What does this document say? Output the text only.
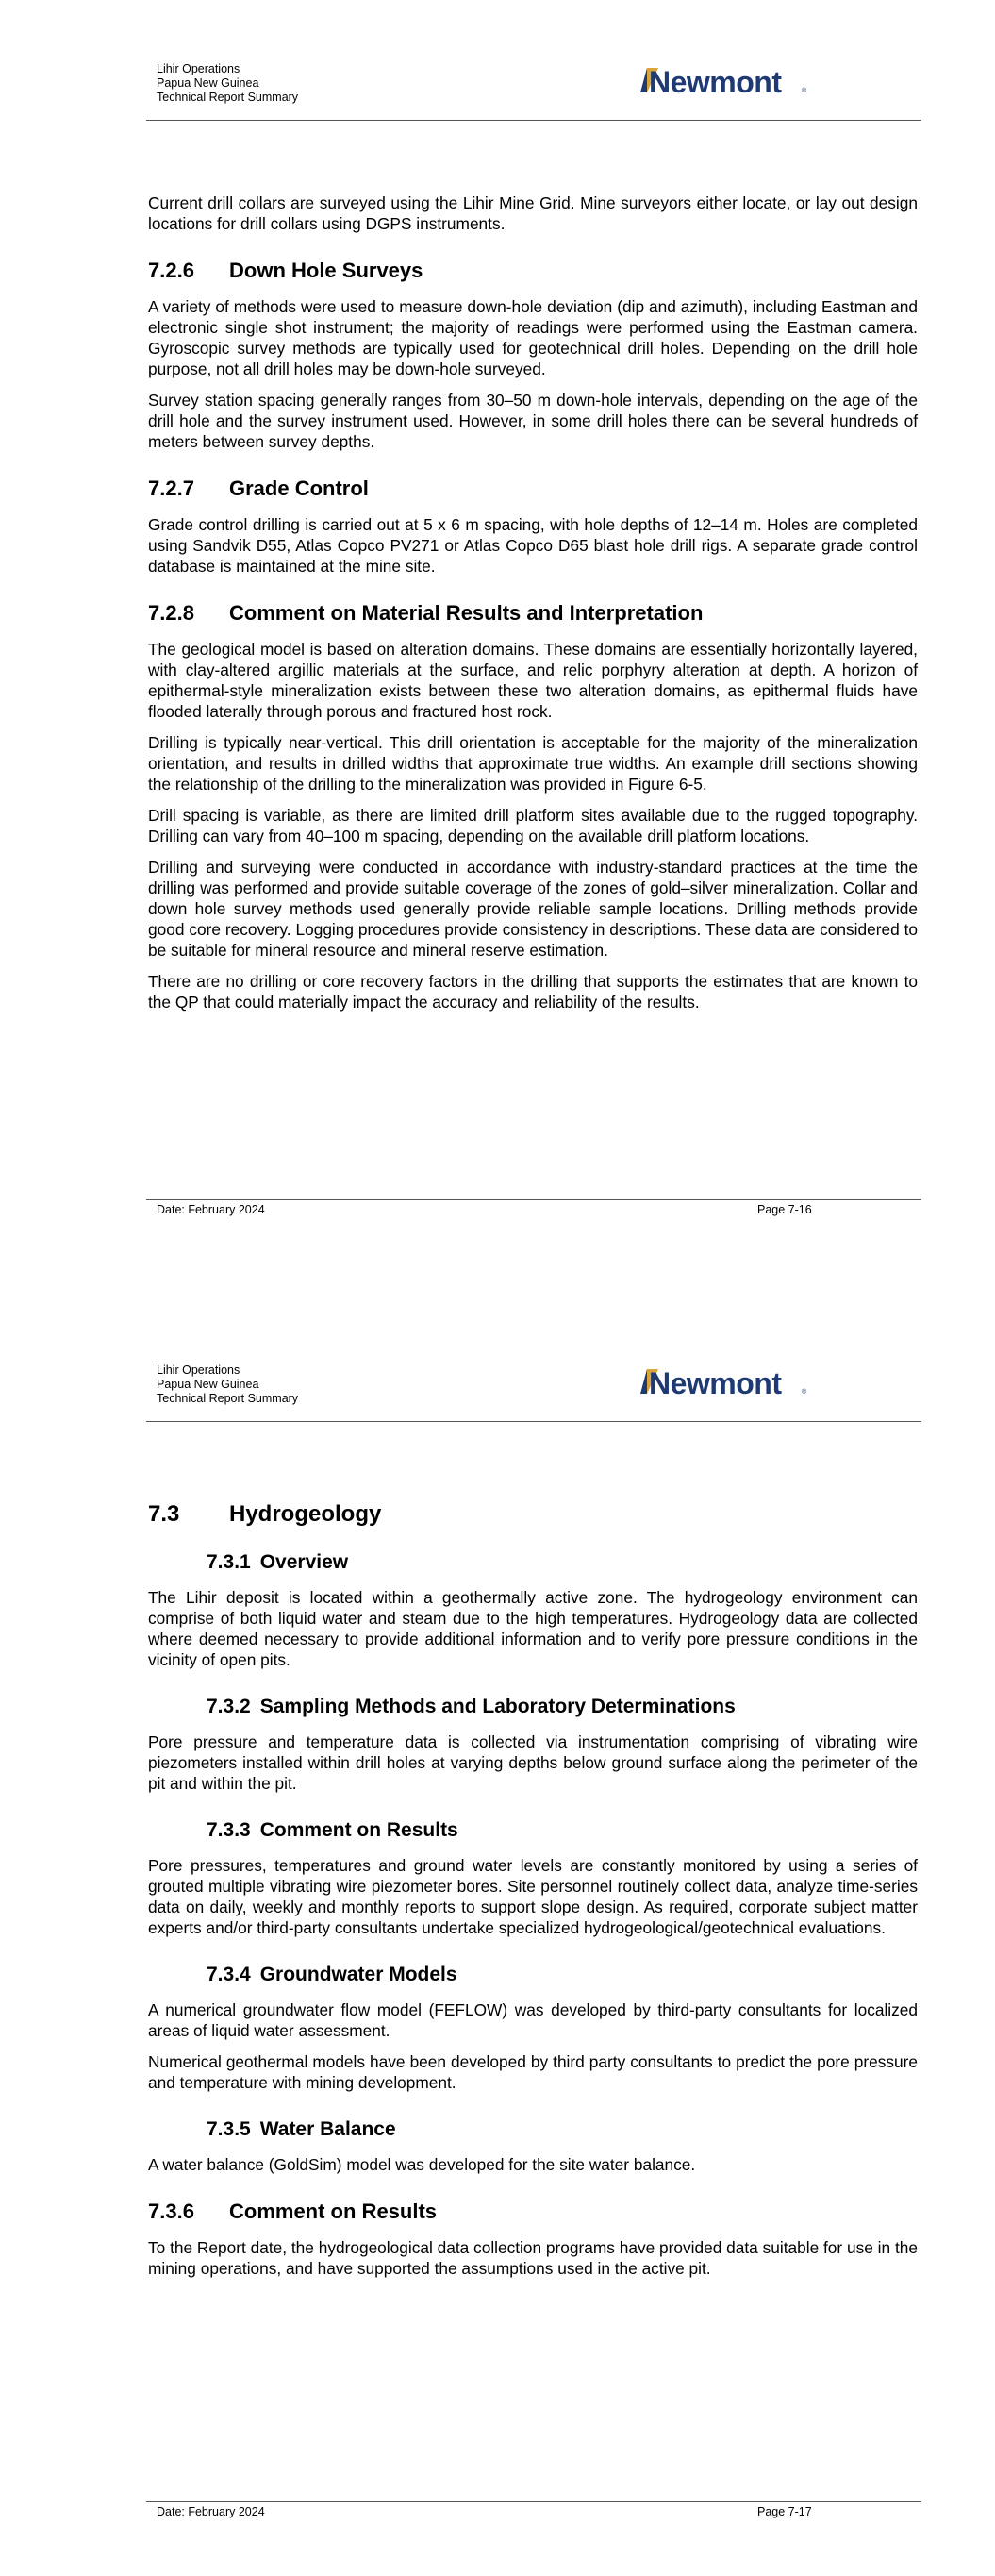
Lihir Operations
Papua New Guinea
Technical Report Summary	Newmont	®

Current drill collars are surveyed using the Lihir Mine Grid. Mine surveyors either locate, or lay out design locations for drill collars using DGPS instruments.

7.2.6 Down Hole Surveys

A variety of methods were used to measure down-hole deviation (dip and azimuth), including Eastman and electronic single shot instrument; the majority of readings were performed using the Eastman camera. Gyroscopic survey methods are typically used for geotechnical drill holes. Depending on the drill hole purpose, not all drill holes may be down-hole surveyed.

Survey station spacing generally ranges from 30–50 m down-hole intervals, depending on the age of the drill hole and the survey instrument used. However, in some drill holes there can be several hundreds of meters between survey depths.

7.2.7 Grade Control

Grade control drilling is carried out at 5 x 6 m spacing, with hole depths of 12–14 m. Holes are completed using Sandvik D55, Atlas Copco PV271 or Atlas Copco D65 blast hole drill rigs. A separate grade control database is maintained at the mine site.

7.2.8 Comment on Material Results and Interpretation

The geological model is based on alteration domains. These domains are essentially horizontally layered, with clay-altered argillic materials at the surface, and relic porphyry alteration at depth. A horizon of epithermal-style mineralization exists between these two alteration domains, as epithermal fluids have flooded laterally through porous and fractured host rock.

Drilling is typically near-vertical. This drill orientation is acceptable for the majority of the mineralization orientation, and results in drilled widths that approximate true widths. An example drill sections showing the relationship of the drilling to the mineralization was provided in Figure 6-5.

Drill spacing is variable, as there are limited drill platform sites available due to the rugged topography. Drilling can vary from 40–100 m spacing, depending on the available drill platform locations.

Drilling and surveying were conducted in accordance with industry-standard practices at the time the drilling was performed and provide suitable coverage of the zones of gold–silver mineralization. Collar and down hole survey methods used generally provide reliable sample locations. Drilling methods provide good core recovery. Logging procedures provide consistency in descriptions. These data are considered to be suitable for mineral resource and mineral reserve estimation.

There are no drilling or core recovery factors in the drilling that supports the estimates that are known to the QP that could materially impact the accuracy and reliability of the results.

Date: February 2024	Page 7-16
Lihir Operations
Papua New Guinea
Technical Report Summary	Newmont	®
7.3 Hydrogeology
7.3.1 Overview

The Lihir deposit is located within a geothermally active zone. The hydrogeology environment can comprise of both liquid water and steam due to the high temperatures. Hydrogeology data are collected where deemed necessary to provide additional information and to verify pore pressure conditions in the vicinity of open pits.

7.3.2 Sampling Methods and Laboratory Determinations

Pore pressure and temperature data is collected via instrumentation comprising of vibrating wire piezometers installed within drill holes at varying depths below ground surface along the perimeter of the pit and within the pit.

7.3.3 Comment on Results

Pore pressures, temperatures and ground water levels are constantly monitored by using a series of grouted multiple vibrating wire piezometer bores. Site personnel routinely collect data, analyze time-series data on daily, weekly and monthly reports to support slope design. As required, corporate subject matter experts and/or third-party consultants undertake specialized hydrogeological/geotechnical evaluations.

7.3.4 Groundwater Models

A numerical groundwater flow model (FEFLOW) was developed by third-party consultants for localized areas of liquid water assessment.

Numerical geothermal models have been developed by third party consultants to predict the pore pressure and temperature with mining development.

7.3.5 Water Balance

A water balance (GoldSim) model was developed for the site water balance.

7.3.6 Comment on Results

To the Report date, the hydrogeological data collection programs have provided data suitable for use in the mining operations, and have supported the assumptions used in the active pit.

Date: February 2024	Page 7-17
